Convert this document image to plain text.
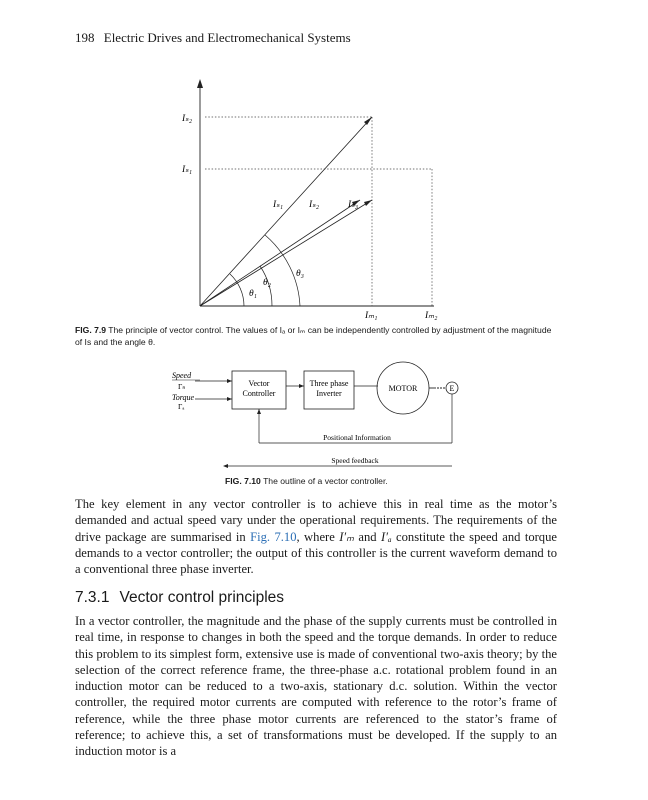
198 Electric Drives and Electromechanical Systems
Iₛ₂
Iₛ₁
Iₛ₁	Iₛ₂	Iₛ₃
θ₁
θ₂
θ₃
Iₘ₁	Iₘ₂
FIG. 7.9 The principle of vector control. The values of Iₐ or Iₘ can be independently controlled by adjustment of the magnitude of Is and the angle θ.
Speed
Γₙ
Torque
Γₐ
Vector
Controller
Three phase
Inverter
MOTOR	E
Positional Information
Speed feedback
FIG. 7.10 The outline of a vector controller.

The key element in any vector controller is to achieve this in real time as the motor’s demanded and actual speed vary under the operational requirements. The requirements of the drive package are summarised in Fig. 7.10, where I′ₘ and I′ₐ constitute the speed and torque demands to a vector controller; the output of this controller is the current waveform demand to a conventional three phase inverter.

7.3.1 Vector control principles

In a vector controller, the magnitude and the phase of the supply currents must be controlled in real time, in response to changes in both the speed and the torque demands. In order to reduce this problem to its simplest form, extensive use is made of conventional two-axis theory; by the selection of the correct reference frame, the three-phase a.c. rotational problem found in an induction motor can be reduced to a two-axis, stationary d.c. solution. Within the vector controller, the required motor currents are computed with reference to the rotor’s frame of reference, while the three phase motor currents are referenced to the stator’s frame of reference; to achieve this, a set of transformations must be developed. If the supply to an induction motor is a
